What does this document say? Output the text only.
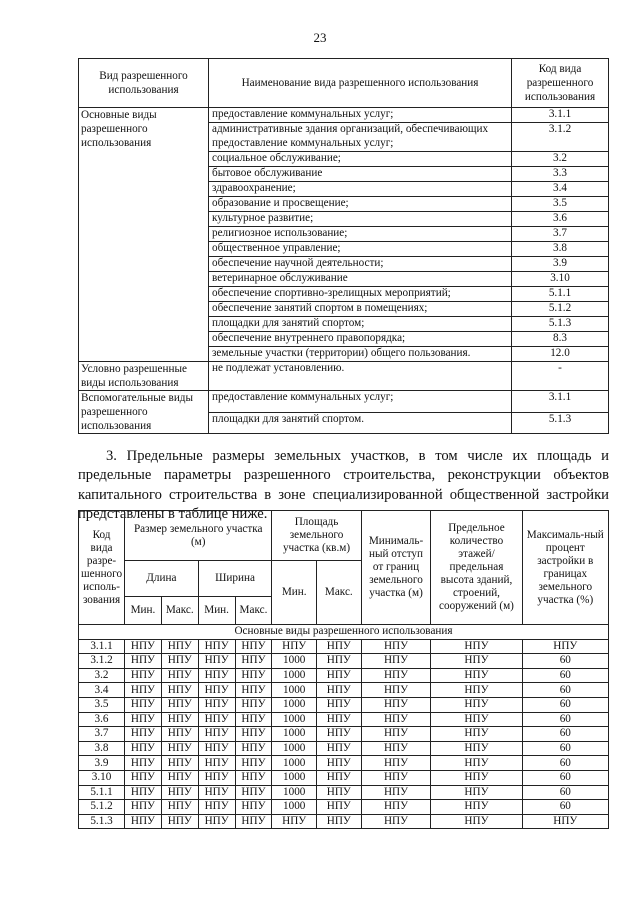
23
Вид разрешенного использования	Наименование вида разрешенного использования	Код вида разрешенного использования
Основные виды разрешенного использования	предоставление коммунальных услуг;	3.1.1
	административные здания организаций, обеспечивающих предоставление коммунальных услуг;	3.1.2
	социальное обслуживание;	3.2
	бытовое обслуживание	3.3
	здравоохранение;	3.4
	образование и просвещение;	3.5
	культурное развитие;	3.6
	религиозное использование;	3.7
	общественное управление;	3.8
	обеспечение научной деятельности;	3.9
	ветеринарное обслуживание	3.10
	обеспечение спортивно-зрелищных мероприятий;	5.1.1
	обеспечение занятий спортом в помещениях;	5.1.2
	площадки для занятий спортом;	5.1.3
	обеспечение внутреннего правопорядка;	8.3
	земельные участки (территории) общего пользования.	12.0
Условно разрешенные виды использования	не подлежат установлению.	-
Вспомогательные виды разрешенного использования	предоставление коммунальных услуг;	3.1.1
	площадки для занятий спортом.	5.1.3

3. Предельные размеры земельных участков, в том числе их площадь и предельные параметры разрешенного строительства, реконструкции объектов капитального строительства в зоне специализированной общественной застройки представлены в таблице ниже.

Код вида разре-шенного исполь-зования	Размер земельного участка (м)				Площадь земельного участка (кв.м)		Минималь-ный отступ от границ земельного участка (м)	Предельное количество этажей/ предельная высота зданий, строений, сооружений (м)	Максималь-ный процент застройки в границах земельного участка (%)
	Длина		Ширина		Мин.	Макс.			
	Мин.	Макс.	Мин.	Макс.					
Основные виды разрешенного использования									
3.1.1	НПУ	НПУ	НПУ	НПУ	НПУ	НПУ	НПУ	НПУ	НПУ
3.1.2	НПУ	НПУ	НПУ	НПУ	1000	НПУ	НПУ	НПУ	60
3.2	НПУ	НПУ	НПУ	НПУ	1000	НПУ	НПУ	НПУ	60
3.4	НПУ	НПУ	НПУ	НПУ	1000	НПУ	НПУ	НПУ	60
3.5	НПУ	НПУ	НПУ	НПУ	1000	НПУ	НПУ	НПУ	60
3.6	НПУ	НПУ	НПУ	НПУ	1000	НПУ	НПУ	НПУ	60
3.7	НПУ	НПУ	НПУ	НПУ	1000	НПУ	НПУ	НПУ	60
3.8	НПУ	НПУ	НПУ	НПУ	1000	НПУ	НПУ	НПУ	60
3.9	НПУ	НПУ	НПУ	НПУ	1000	НПУ	НПУ	НПУ	60
3.10	НПУ	НПУ	НПУ	НПУ	1000	НПУ	НПУ	НПУ	60
5.1.1	НПУ	НПУ	НПУ	НПУ	1000	НПУ	НПУ	НПУ	60
5.1.2	НПУ	НПУ	НПУ	НПУ	1000	НПУ	НПУ	НПУ	60
5.1.3	НПУ	НПУ	НПУ	НПУ	НПУ	НПУ	НПУ	НПУ	НПУ
